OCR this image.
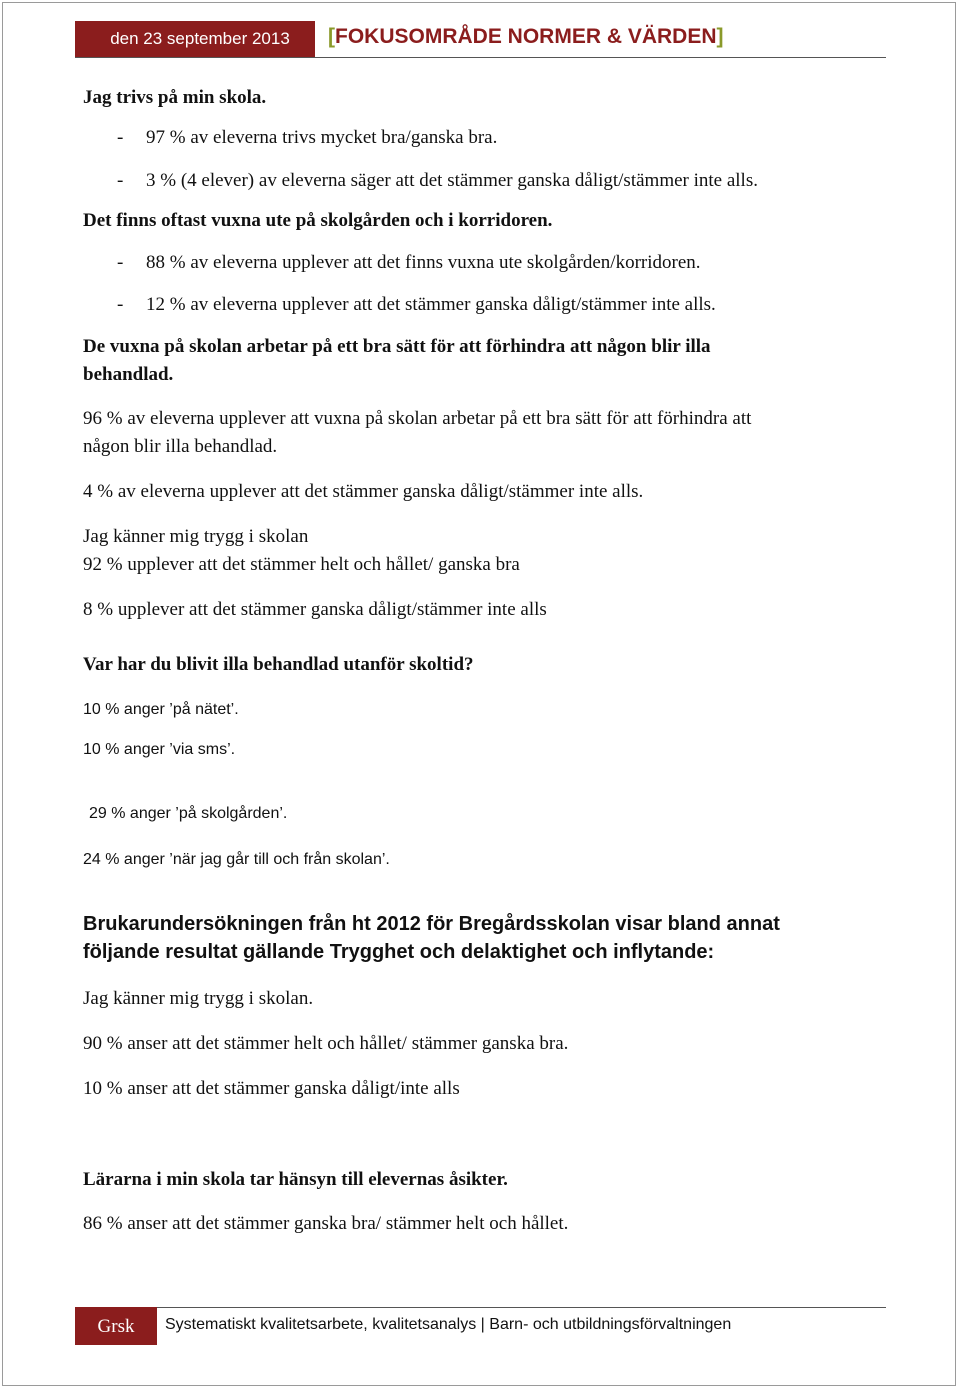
den 23 september 2013	[FOKUSOMRÅDE NORMER & VÄRDEN]
Jag trivs på min skola.
- 97 % av eleverna trivs mycket bra/ganska bra.
- 3 % (4 elever) av eleverna säger att det stämmer ganska dåligt/stämmer inte alls.
Det finns oftast vuxna ute på skolgården och i korridoren.
- 88 % av eleverna upplever att det finns vuxna ute skolgården/korridoren.
- 12 % av eleverna upplever att det stämmer ganska dåligt/stämmer inte alls.
De vuxna på skolan arbetar på ett bra sätt för att förhindra att någon blir illa
behandlad.
96 % av eleverna upplever att vuxna på skolan arbetar på ett bra sätt för att förhindra att
någon blir illa behandlad.
4 % av eleverna upplever att det stämmer ganska dåligt/stämmer inte alls.
Jag känner mig trygg i skolan
92 % upplever att det stämmer helt och hållet/ ganska bra
8 % upplever att det stämmer ganska dåligt/stämmer inte alls
Var har du blivit illa behandlad utanför skoltid?
10 % anger ’på nätet’.
10 % anger ’via sms’.
29 % anger ’på skolgården’.
24 % anger ’när jag går till och från skolan’.
Brukarundersökningen från ht 2012 för Bregårdsskolan visar bland annat
följande resultat gällande Trygghet och delaktighet och inflytande:
Jag känner mig trygg i skolan.
90 % anser att det stämmer helt och hållet/ stämmer ganska bra.
10 % anser att det stämmer ganska dåligt/inte alls
Lärarna i min skola tar hänsyn till elevernas åsikter.
86 % anser att det stämmer ganska bra/ stämmer helt och hållet.
Grsk	Systematiskt kvalitetsarbete, kvalitetsanalys | Barn- och utbildningsförvaltningen
